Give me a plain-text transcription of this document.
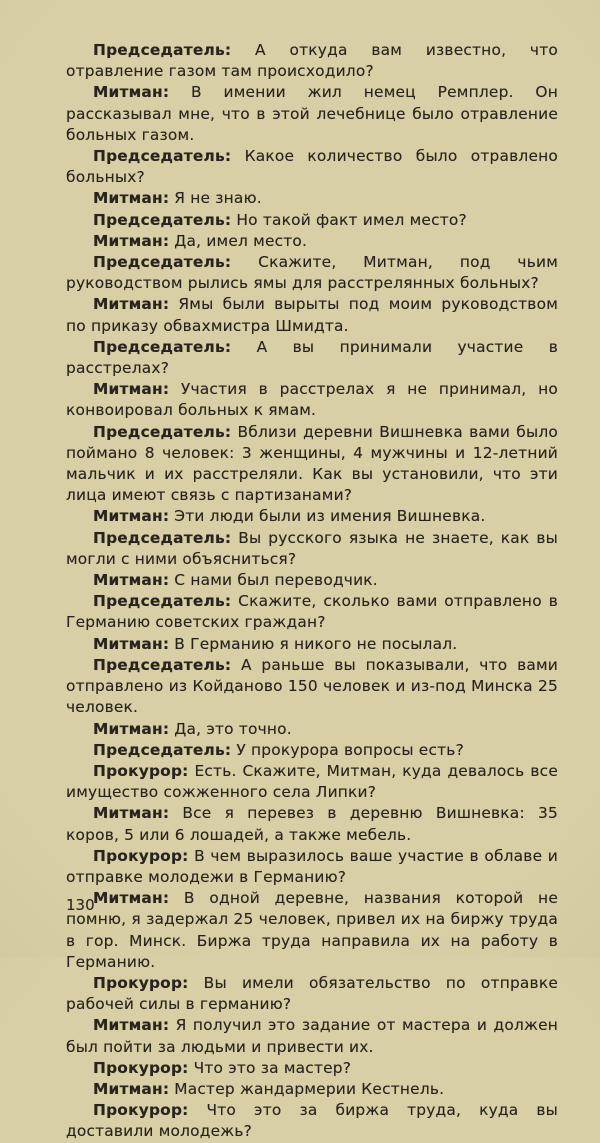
Председатель: А откуда вам известно, что отравление газом там происходило?

Митман: В имении жил немец Ремплер. Он рассказывал мне, что в этой лечебнице было отравление больных газом.

Председатель: Какое количество было отравлено больных?

Митман: Я не знаю.

Председатель: Но такой факт имел место?

Митман: Да, имел место.

Председатель: Скажите, Митман, под чьим руководством рылись ямы для расстрелянных больных?

Митман: Ямы были вырыты под моим руководством по приказу обвахмистра Шмидта.

Председатель: А вы принимали участие в расстрелах?

Митман: Участия в расстрелах я не принимал, но конвоировал больных к ямам.

Председатель: Вблизи деревни Вишневка вами было поймано 8 человек: 3 женщины, 4 мужчины и 12-летний мальчик и их расстреляли. Как вы установили, что эти лица имеют связь с партизанами?

Митман: Эти люди были из имения Вишневка.

Председатель: Вы русского языка не знаете, как вы могли с ними объясниться?

Митман: С нами был переводчик.

Председатель: Скажите, сколько вами отправлено в Германию советских граждан?

Митман: В Германию я никого не посылал.

Председатель: А раньше вы показывали, что вами отправлено из Койданово 150 человек и из-под Минска 25 человек.

Митман: Да, это точно.

Председатель: У прокурора вопросы есть?

Прокурор: Есть. Скажите, Митман, куда девалось все имущество сожженного села Липки?

Митман: Все я перевез в деревню Вишневка: 35 коров, 5 или 6 лошадей, а также мебель.

Прокурор: В чем выразилось ваше участие в облаве и отправке молодежи в Германию?

Митман: В одной деревне, названия которой не помню, я задержал 25 человек, привел их на биржу труда в гор. Минск. Биржа труда направила их на работу в Германию.

Прокурор: Вы имели обязательство по отправке рабочей силы в германию?

Митман: Я получил это задание от мастера и должен был пойти за людьми и привести их.

Прокурор: Что это за мастер?

Митман: Мастер жандармерии Кестнель.

Прокурор: Что это за биржа труда, куда вы доставили молодежь?

130
